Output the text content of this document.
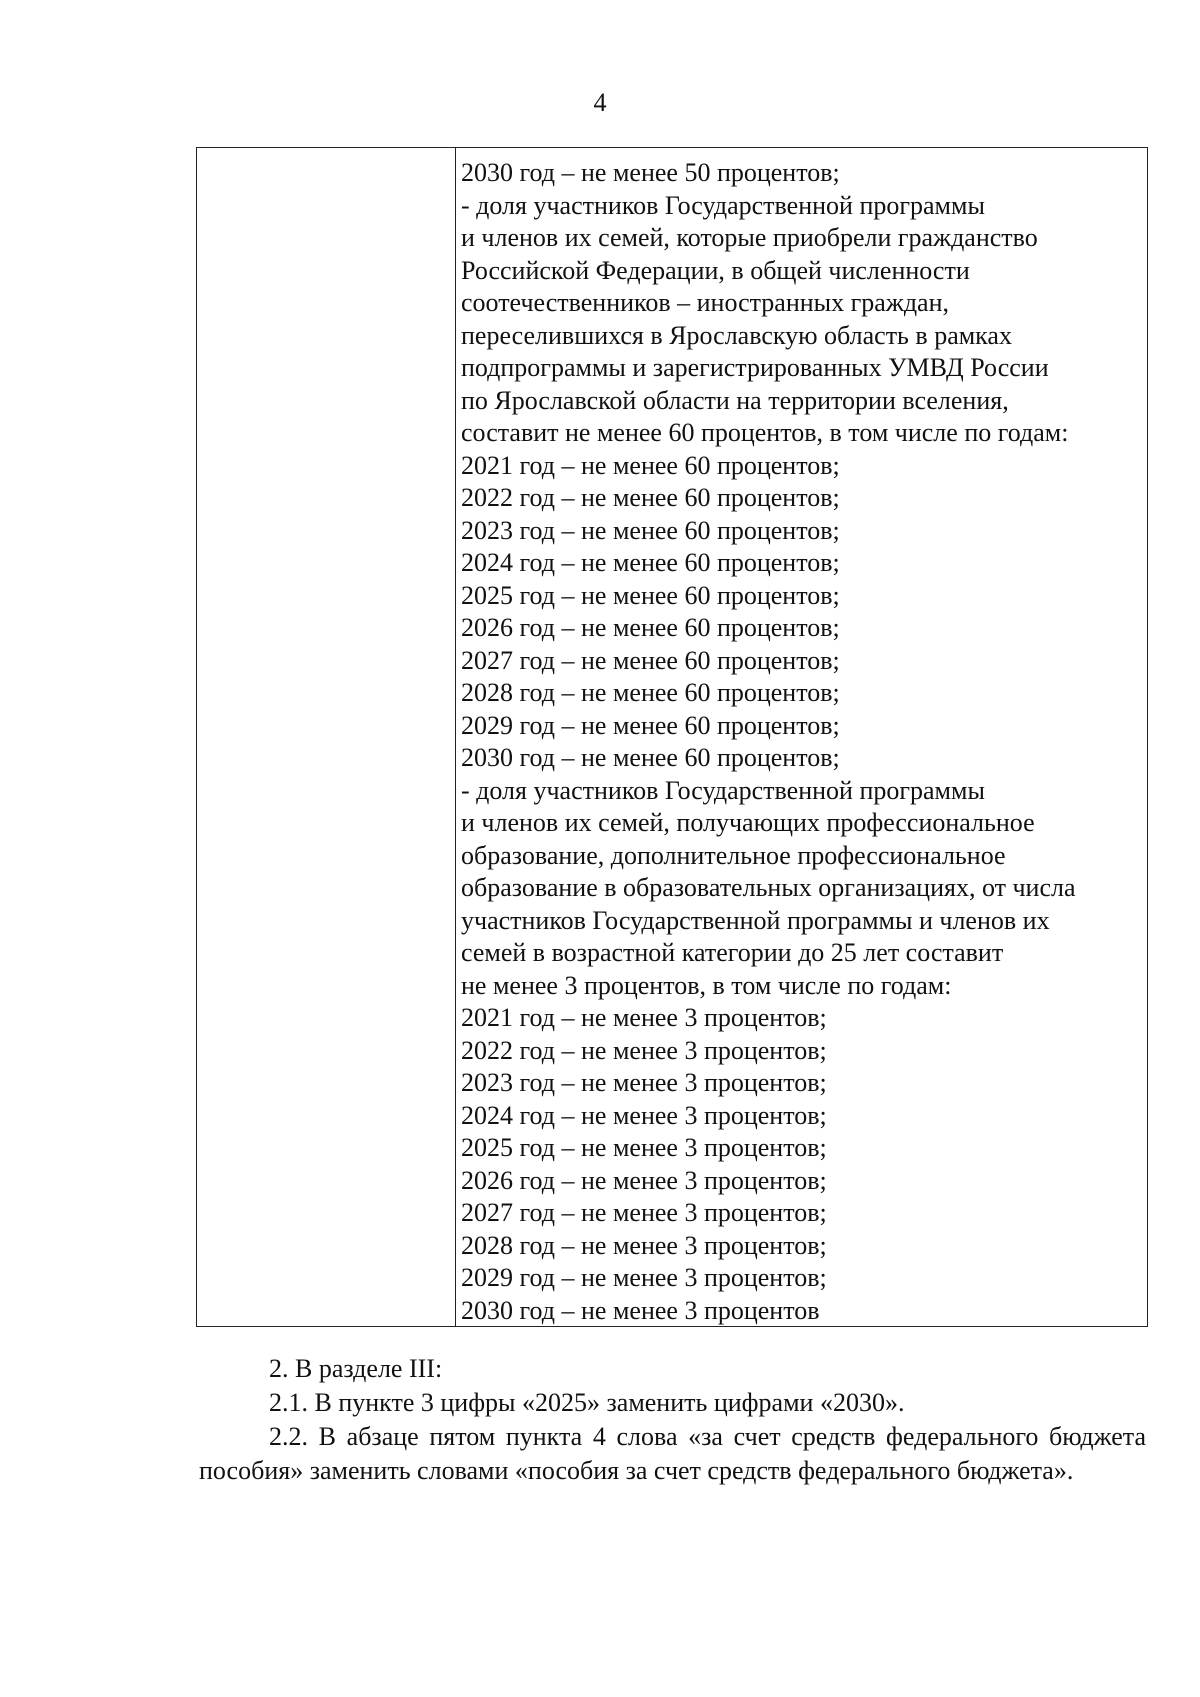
4
2030 год – не менее 50 процентов;
- доля участников Государственной программы
и членов их семей, которые приобрели гражданство
Российской Федерации, в общей численности
соотечественников – иностранных граждан,
переселившихся в Ярославскую область в рамках
подпрограммы и зарегистрированных УМВД России
по Ярославской области на территории вселения,
составит не менее 60 процентов, в том числе по годам:
2021 год – не менее 60 процентов;
2022 год – не менее 60 процентов;
2023 год – не менее 60 процентов;
2024 год – не менее 60 процентов;
2025 год – не менее 60 процентов;
2026 год – не менее 60 процентов;
2027 год – не менее 60 процентов;
2028 год – не менее 60 процентов;
2029 год – не менее 60 процентов;
2030 год – не менее 60 процентов;
- доля участников Государственной программы
и членов их семей, получающих профессиональное
образование, дополнительное профессиональное
образование в образовательных организациях, от числа
участников Государственной программы и членов их
семей в возрастной категории до 25 лет составит
не менее 3 процентов, в том числе по годам:
2021 год – не менее 3 процентов;
2022 год – не менее 3 процентов;
2023 год – не менее 3 процентов;
2024 год – не менее 3 процентов;
2025 год – не менее 3 процентов;
2026 год – не менее 3 процентов;
2027 год – не менее 3 процентов;
2028 год – не менее 3 процентов;
2029 год – не менее 3 процентов;
2030 год – не менее 3 процентов

2. В разделе III:

2.1. В пункте 3 цифры «2025» заменить цифрами «2030».

2.2. В абзаце пятом пункта 4 слова «за счет средств федерального бюджета пособия» заменить словами «пособия за счет средств федерального бюджета».
